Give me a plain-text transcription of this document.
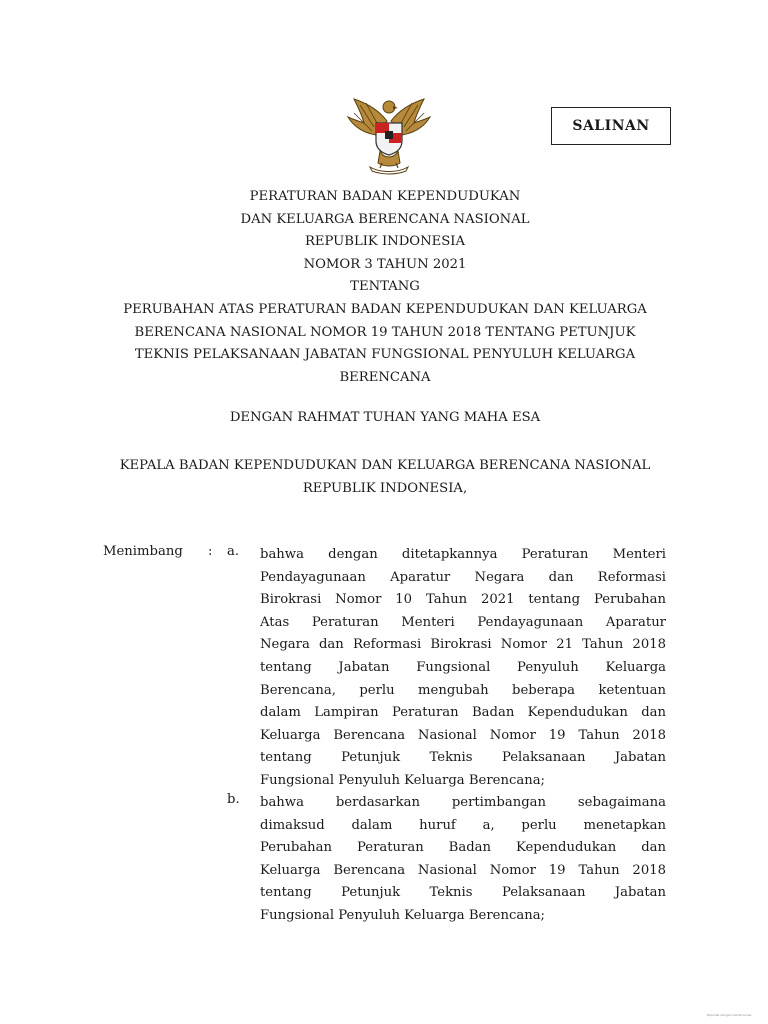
SALINAN
PERATURAN BADAN KEPENDUDUKAN
DAN KELUARGA BERENCANA NASIONAL
REPUBLIK INDONESIA
NOMOR 3 TAHUN 2021
TENTANG
PERUBAHAN ATAS PERATURAN BADAN KEPENDUDUKAN DAN KELUARGA
BERENCANA NASIONAL NOMOR 19 TAHUN 2018 TENTANG PETUNJUK
TEKNIS PELAKSANAAN JABATAN FUNGSIONAL PENYULUH KELUARGA
BERENCANA
DENGAN RAHMAT TUHAN YANG MAHA ESA
KEPALA BADAN KEPENDUDUKAN DAN KELUARGA BERENCANA NASIONAL
REPUBLIK INDONESIA,
Menimbang : a. bahwa dengan ditetapkannya Peraturan Menteri
Pendayagunaan Aparatur Negara dan Reformasi
Birokrasi Nomor 10 Tahun 2021 tentang Perubahan
Atas Peraturan Menteri Pendayagunaan Aparatur
Negara dan Reformasi Birokrasi Nomor 21 Tahun 2018
tentang Jabatan Fungsional Penyuluh Keluarga
Berencana, perlu mengubah beberapa ketentuan
dalam Lampiran Peraturan Badan Kependudukan dan
Keluarga Berencana Nasional Nomor 19 Tahun 2018
tentang Petunjuk Teknis Pelaksanaan Jabatan
Fungsional Penyuluh Keluarga Berencana;
b. bahwa berdasarkan pertimbangan sebagaimana
dimaksud dalam huruf a, perlu menetapkan
Perubahan Peraturan Badan Kependudukan dan
Keluarga Berencana Nasional Nomor 19 Tahun 2018
tentang Petunjuk Teknis Pelaksanaan Jabatan
Fungsional Penyuluh Keluarga Berencana;
Dipindai dengan CamScanner
